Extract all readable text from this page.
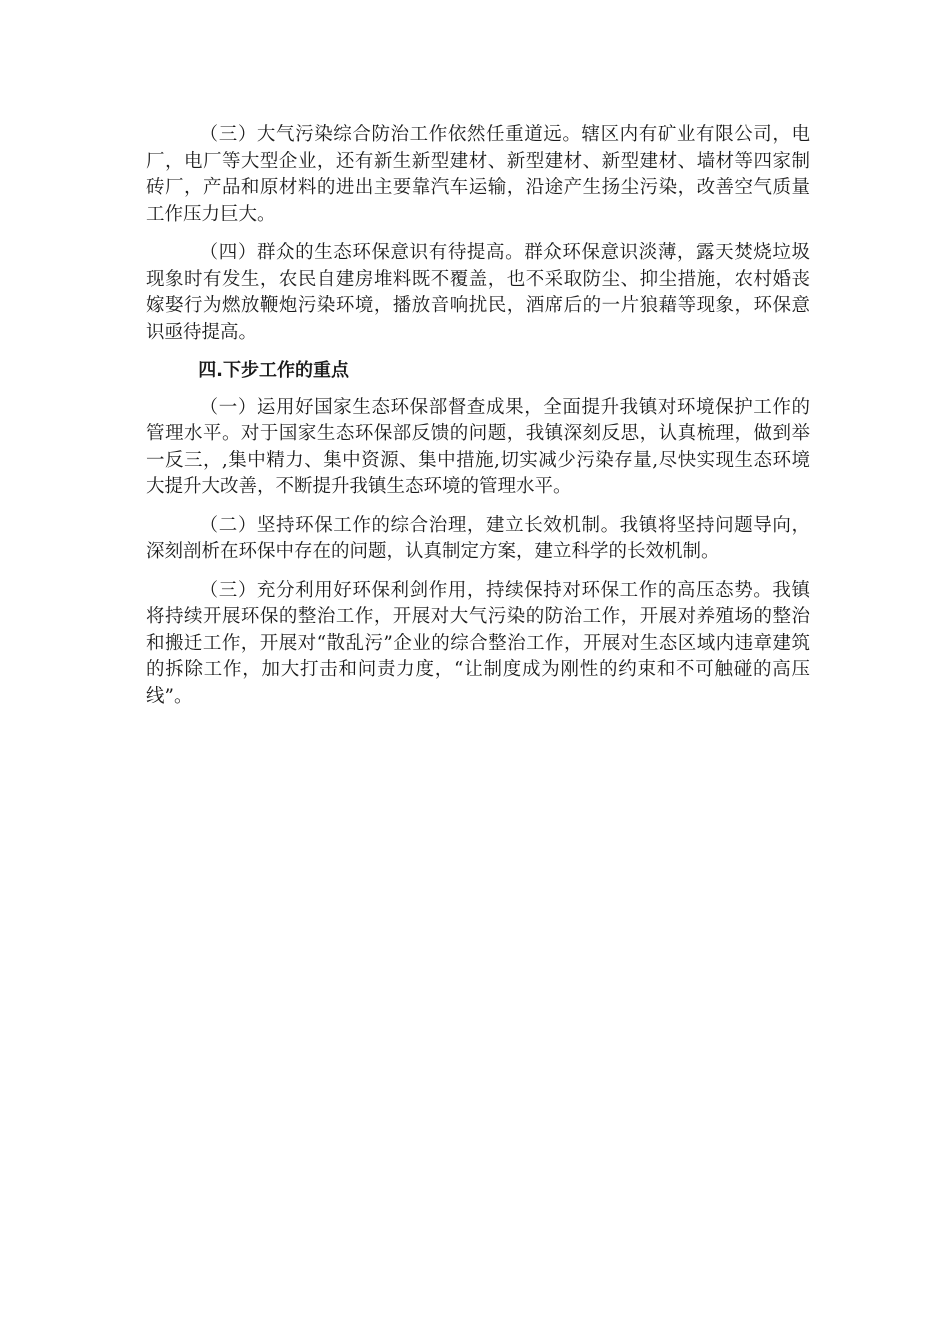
（三）大气污染综合防治工作依然任重道远。辖区内有矿业有限公司，电厂，电厂等大型企业，还有新生新型建材、新型建材、新型建材、墙材等四家制砖厂，产品和原材料的进出主要靠汽车运输，沿途产生扬尘污染，改善空气质量工作压力巨大。

（四）群众的生态环保意识有待提高。群众环保意识淡薄，露天焚烧垃圾现象时有发生，农民自建房堆料既不覆盖，也不采取防尘、抑尘措施，农村婚丧嫁娶行为燃放鞭炮污染环境，播放音响扰民，酒席后的一片狼藉等现象，环保意识亟待提高。

四.下步工作的重点

（一）运用好国家生态环保部督查成果，全面提升我镇对环境保护工作的管理水平。对于国家生态环保部反馈的问题，我镇深刻反思，认真梳理，做到举一反三，,集中精力、集中资源、集中措施,切实减少污染存量,尽快实现生态环境大提升大改善，不断提升我镇生态环境的管理水平。

（二）坚持环保工作的综合治理，建立长效机制。我镇将坚持问题导向，深刻剖析在环保中存在的问题，认真制定方案，建立科学的长效机制。

（三）充分利用好环保利剑作用，持续保持对环保工作的高压态势。我镇将持续开展环保的整治工作，开展对大气污染的防治工作，开展对养殖场的整治和搬迁工作，开展对“散乱污”企业的综合整治工作，开展对生态区域内违章建筑的拆除工作，加大打击和问责力度，“让制度成为刚性的约束和不可触碰的高压线”。
